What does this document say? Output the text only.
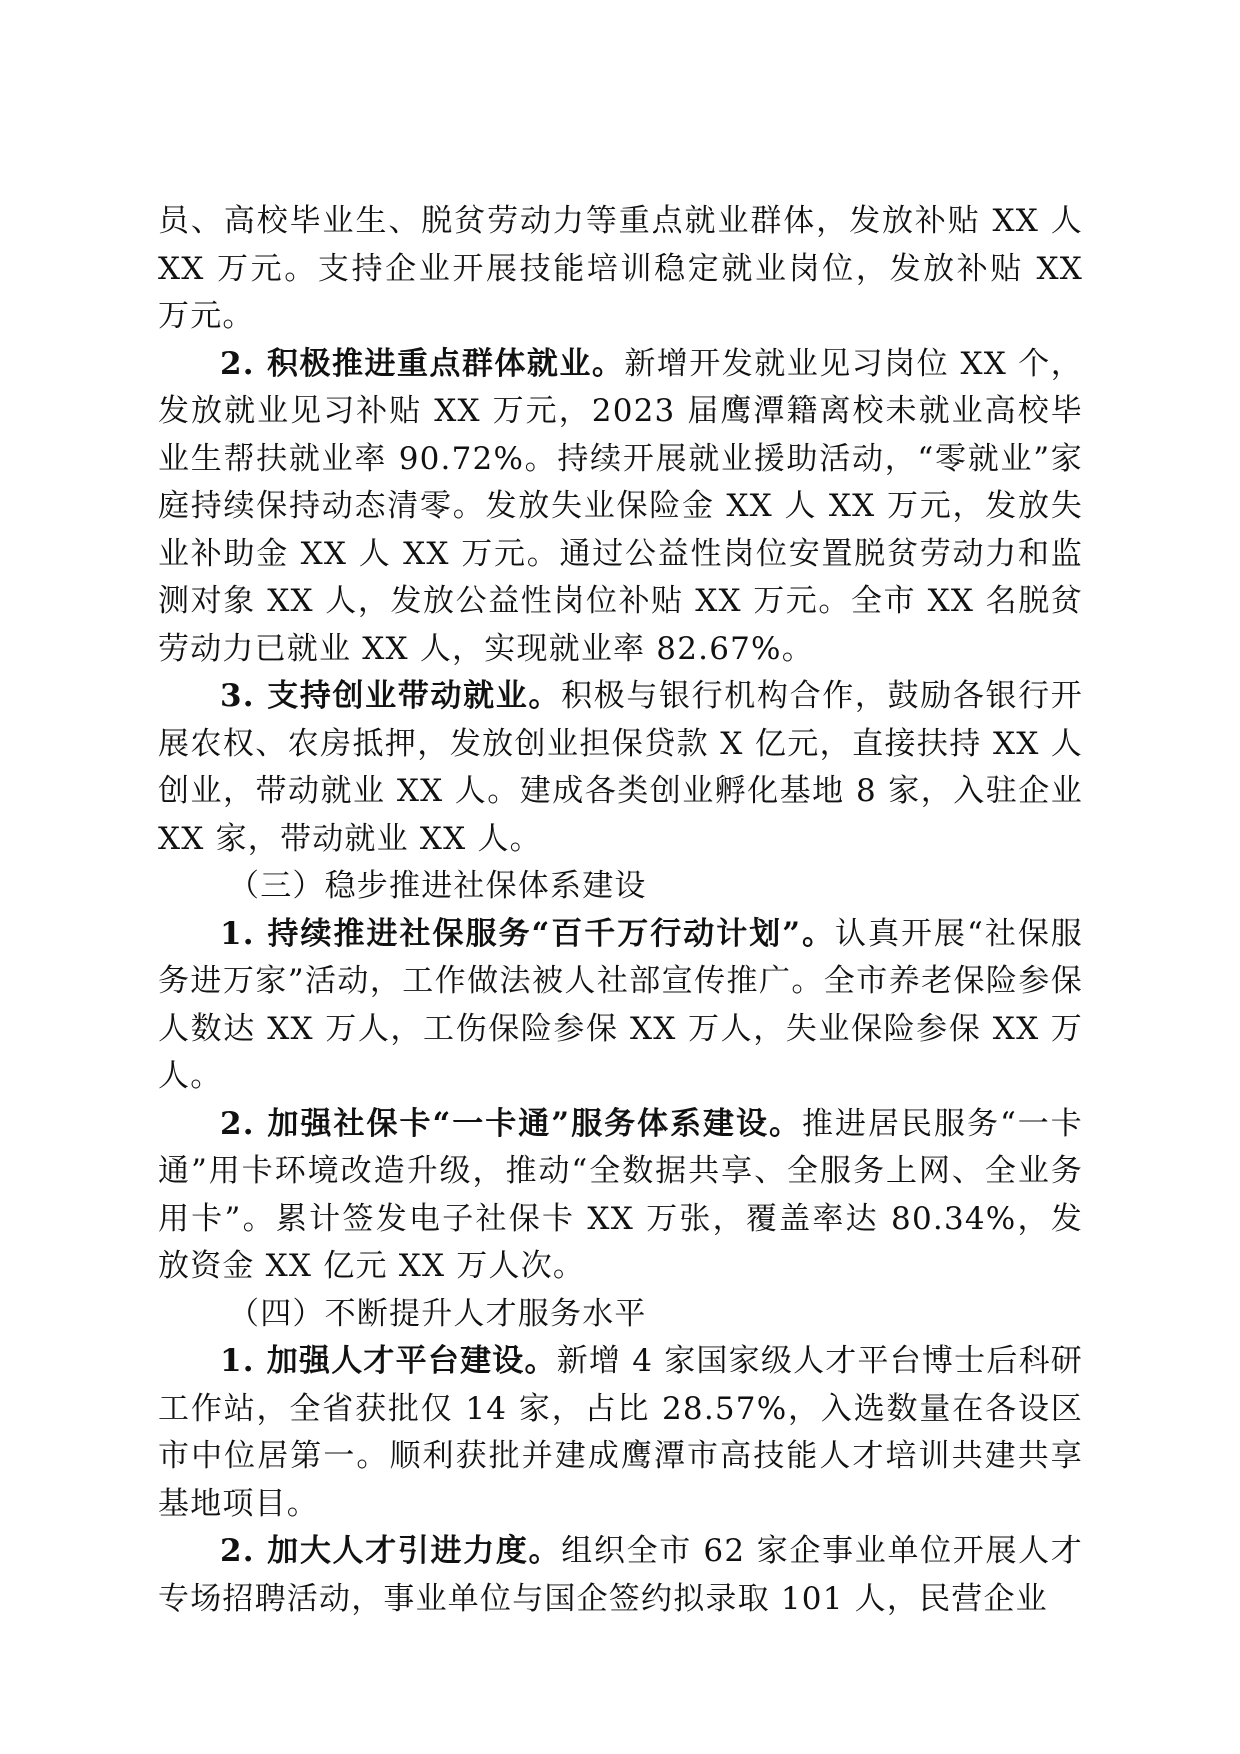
员、高校毕业生、脱贫劳动力等重点就业群体，发放补贴 XX 人 XX 万元。支持企业开展技能培训稳定就业岗位，发放补贴 XX 万元。

2. 积极推进重点群体就业。新增开发就业见习岗位 XX 个，发放就业见习补贴 XX 万元，2023 届鹰潭籍离校未就业高校毕业生帮扶就业率 90.72%。持续开展就业援助活动，“零就业”家庭持续保持动态清零。发放失业保险金 XX 人 XX 万元，发放失业补助金 XX 人 XX 万元。通过公益性岗位安置脱贫劳动力和监测对象 XX 人，发放公益性岗位补贴 XX 万元。全市 XX 名脱贫劳动力已就业 XX 人，实现就业率 82.67%。

3. 支持创业带动就业。积极与银行机构合作，鼓励各银行开展农权、农房抵押，发放创业担保贷款 X 亿元，直接扶持 XX 人创业，带动就业 XX 人。建成各类创业孵化基地 8 家，入驻企业 XX 家，带动就业 XX 人。

（三）稳步推进社保体系建设

1. 持续推进社保服务“百千万行动计划”。认真开展“社保服务进万家”活动，工作做法被人社部宣传推广。全市养老保险参保人数达 XX 万人，工伤保险参保 XX 万人，失业保险参保 XX 万人。

2. 加强社保卡“一卡通”服务体系建设。推进居民服务“一卡通”用卡环境改造升级，推动“全数据共享、全服务上网、全业务用卡”。累计签发电子社保卡 XX 万张，覆盖率达 80.34%，发放资金 XX 亿元 XX 万人次。

（四）不断提升人才服务水平

1. 加强人才平台建设。新增 4 家国家级人才平台博士后科研工作站，全省获批仅 14 家，占比 28.57%，入选数量在各设区市中位居第一。顺利获批并建成鹰潭市高技能人才培训共建共享基地项目。

2. 加大人才引进力度。组织全市 62 家企事业单位开展人才专场招聘活动，事业单位与国企签约拟录取 101 人，民营企业
